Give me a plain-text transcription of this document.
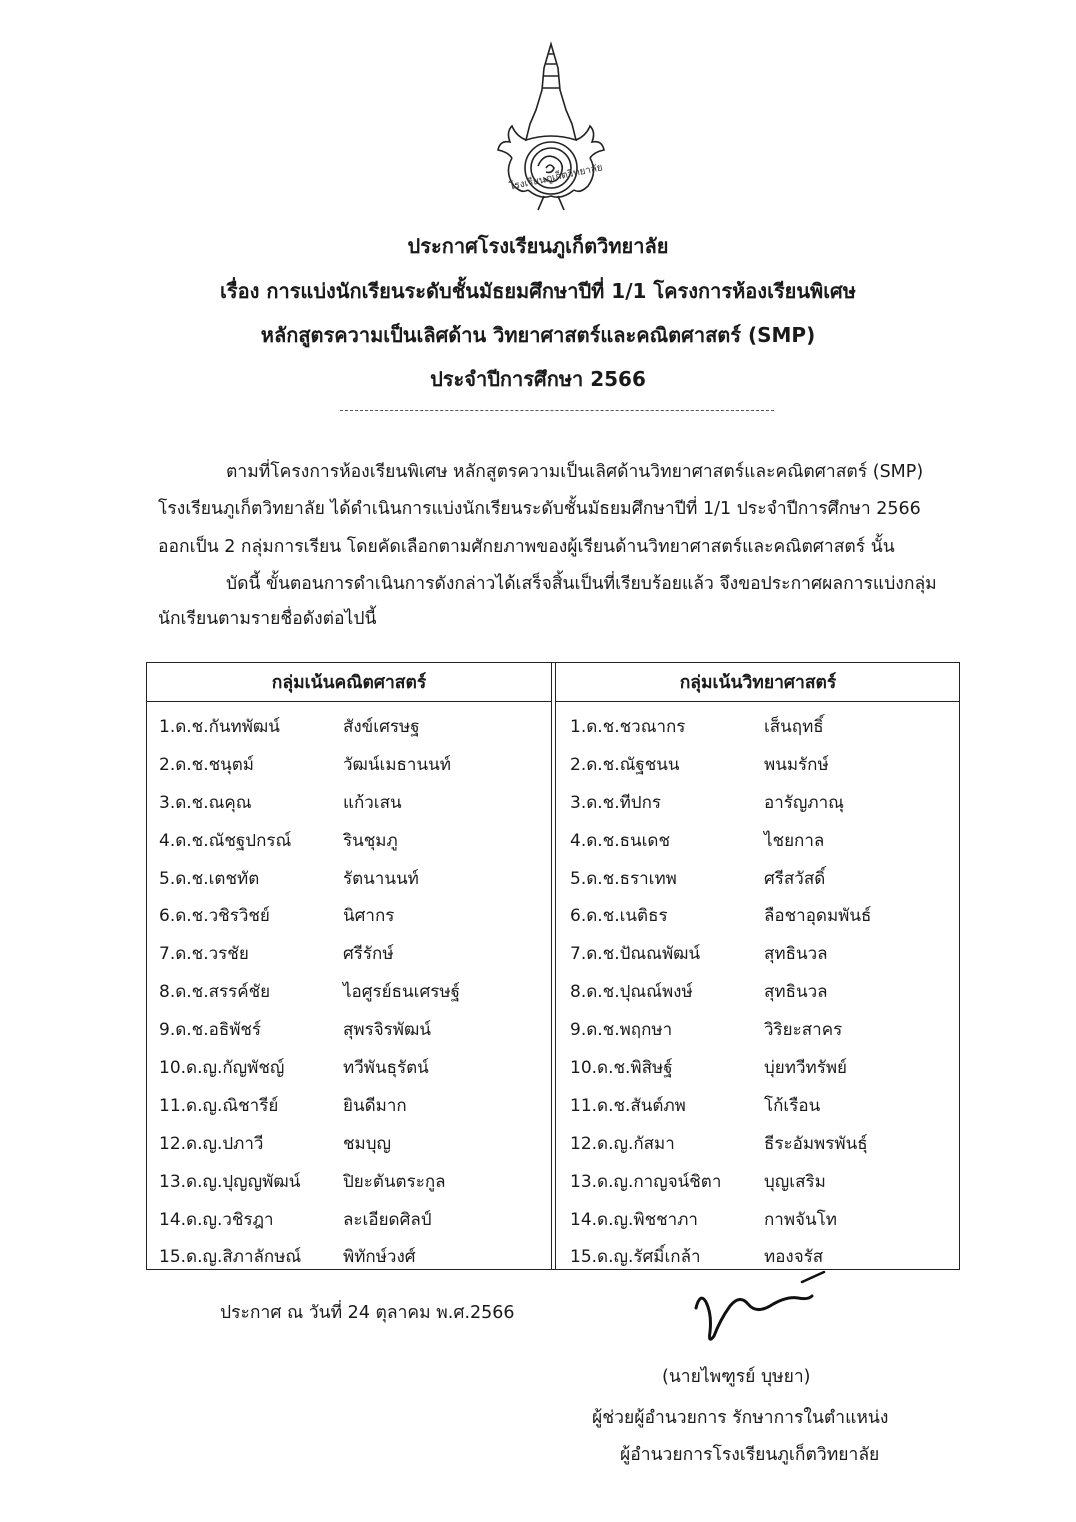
โรงเรียนภูเก็ตวิทยาลัย
ประกาศโรงเรียนภูเก็ตวิทยาลัย
เรื่อง การแบ่งนักเรียนระดับชั้นมัธยมศึกษาปีที่ 1/1 โครงการห้องเรียนพิเศษ
หลักสูตรความเป็นเลิศด้าน วิทยาศาสตร์และคณิตศาสตร์ (SMP)
ประจำปีการศึกษา 2566
ตามที่โครงการห้องเรียนพิเศษ หลักสูตรความเป็นเลิศด้านวิทยาศาสตร์และคณิตศาสตร์ (SMP)
โรงเรียนภูเก็ตวิทยาลัย ได้ดำเนินการแบ่งนักเรียนระดับชั้นมัธยมศึกษาปีที่ 1/1 ประจำปีการศึกษา 2566
ออกเป็น 2 กลุ่มการเรียน โดยคัดเลือกตามศักยภาพของผู้เรียนด้านวิทยาศาสตร์และคณิตศาสตร์ นั้น
บัดนี้ ขั้นตอนการดำเนินการดังกล่าวได้เสร็จสิ้นเป็นที่เรียบร้อยแล้ว จึงขอประกาศผลการแบ่งกลุ่ม
นักเรียนตามรายชื่อดังต่อไปนี้
กลุ่มเน้นคณิตศาสตร์
1.ด.ช.กันทพัฒน์	สังข์เศรษฐ
2.ด.ช.ชนุตม์	วัฒน์เมธานนท์
3.ด.ช.ณคุณ	แก้วเสน
4.ด.ช.ณัชฐปกรณ์	รินชุมภู
5.ด.ช.เตชทัต	รัตนานนท์
6.ด.ช.วชิรวิชย์	นิศากร
7.ด.ช.วรชัย	ศรีรักษ์
8.ด.ช.สรรค์ชัย	ไอศูรย์ธนเศรษฐ์
9.ด.ช.อธิพัชร์	สุพรจิรพัฒน์
10.ด.ญ.กัญพัชญ์	ทวีพันธุรัตน์
11.ด.ญ.ณิชารีย์	ยินดีมาก
12.ด.ญ.ปภาวี	ชมบุญ
13.ด.ญ.ปุญญพัฒน์	ปิยะตันตระกูล
14.ด.ญ.วชิรฎา	ละเอียดศิลป์
15.ด.ญ.สิภาลักษณ์ พิทักษ์วงศ์
กลุ่มเน้นวิทยาศาสตร์
1.ด.ช.ชวณากร	เส็นฤทธิ์
2.ด.ช.ณัฐชนน	พนมรักษ์
3.ด.ช.ทีปกร	อารัญภาณุ
4.ด.ช.ธนเดช	ไชยกาล
5.ด.ช.ธราเทพ	ศรีสวัสดิ์
6.ด.ช.เนติธร	ลือชาอุดมพันธ์
7.ด.ช.ปัณณพัฒน์	สุทธินวล
8.ด.ช.ปุณณ์พงษ์	สุทธินวล
9.ด.ช.พฤกษา	วิริยะสาคร
10.ด.ช.พิสิษฐ์	บุ่ยทวีทรัพย์
11.ด.ช.สันต์ภพ	โก้เรือน
12.ด.ญ.กัสมา	ธีระอัมพรพันธุ์
13.ด.ญ.กาญจน์ชิตา	บุญเสริม
14.ด.ญ.พิชชาภา	กาพจันโท
15.ด.ญ.รัศมิ์เกล้า	ทองจรัส
ประกาศ ณ วันที่ 24 ตุลาคม พ.ศ.2566
(นายไพฑูรย์ บุษยา)
ผู้ช่วยผู้อำนวยการ รักษาการในตำแหน่ง
ผู้อำนวยการโรงเรียนภูเก็ตวิทยาลัย
